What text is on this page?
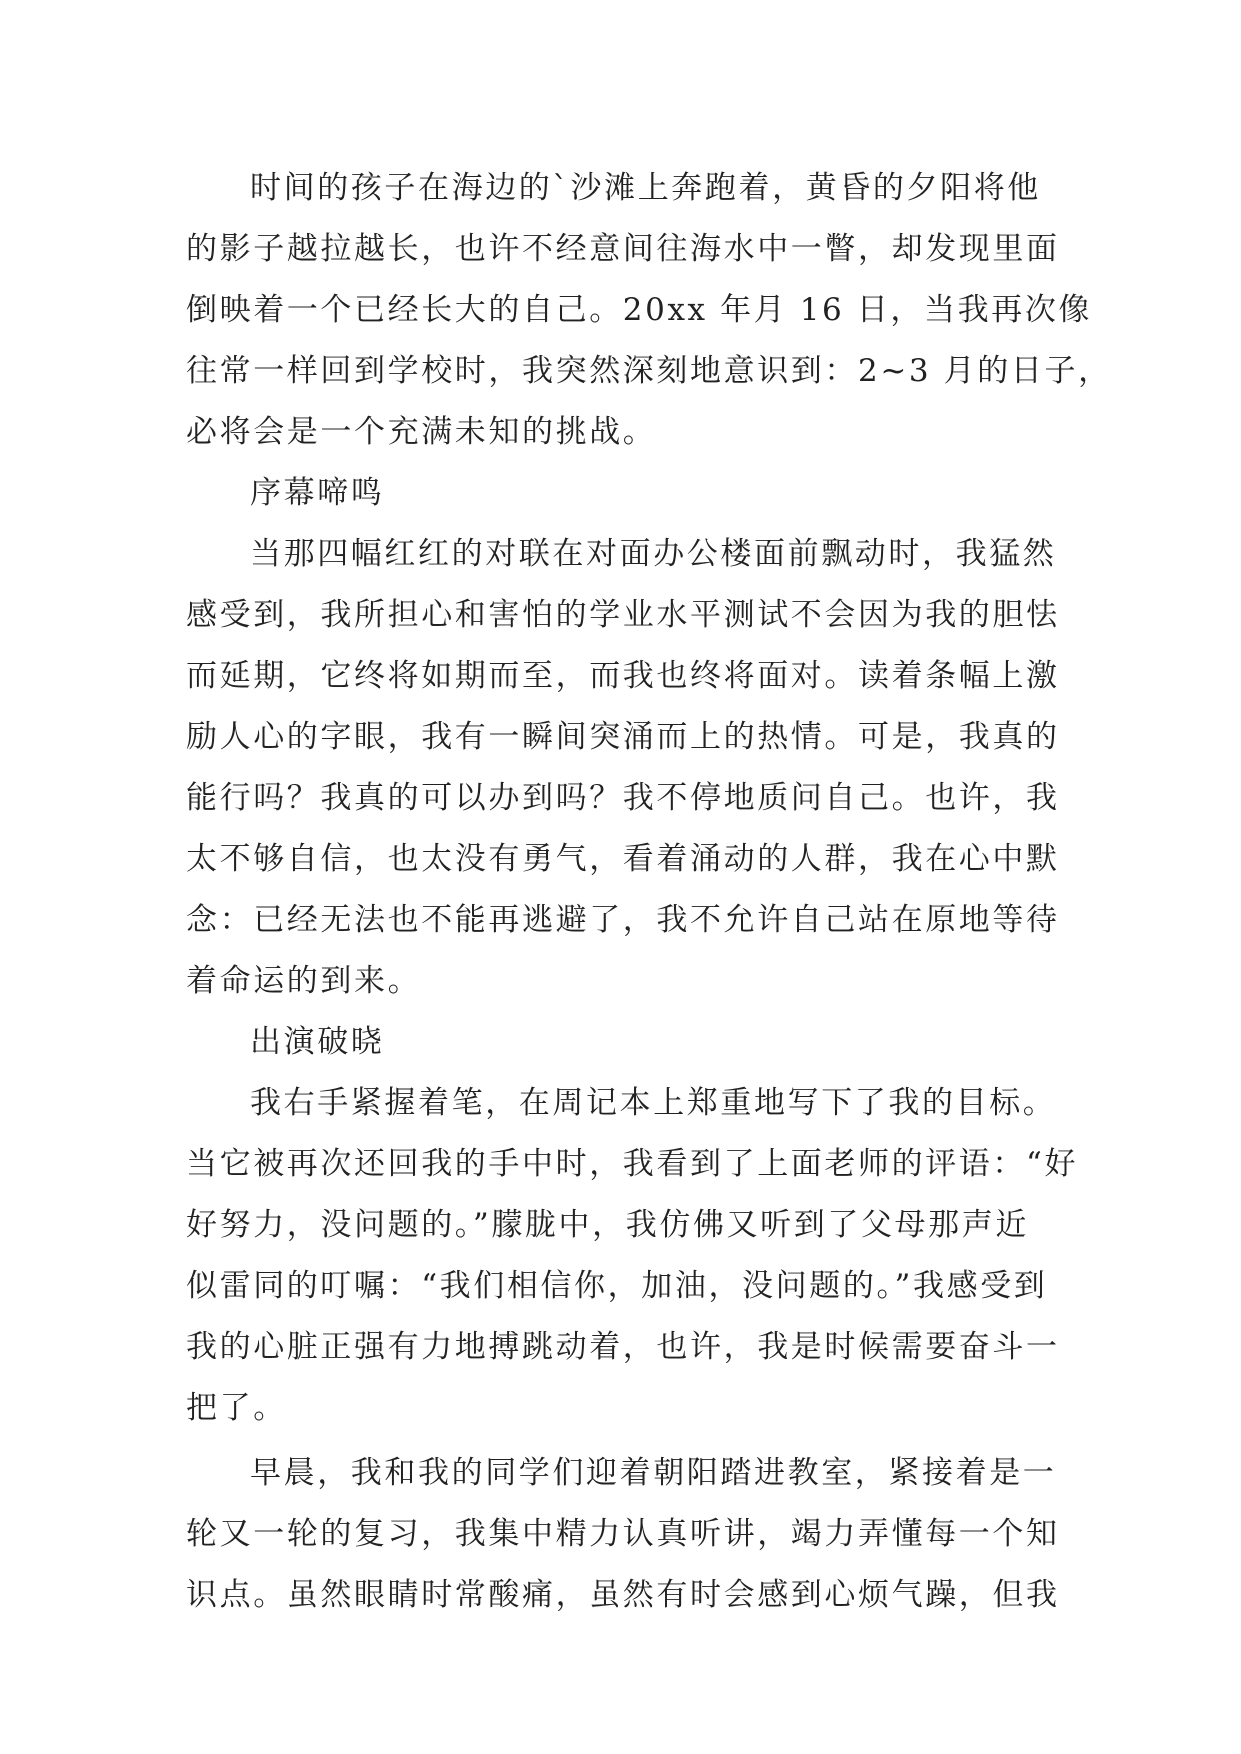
时间的孩子在海边的`沙滩上奔跑着，黄昏的夕阳将他
的影子越拉越长，也许不经意间往海水中一瞥，却发现里面
倒映着一个已经长大的自己。20xx 年月 16 日，当我再次像
往常一样回到学校时，我突然深刻地意识到：2~3 月的日子，
必将会是一个充满未知的挑战。
序幕啼鸣
当那四幅红红的对联在对面办公楼面前飘动时，我猛然
感受到，我所担心和害怕的学业水平测试不会因为我的胆怯
而延期，它终将如期而至，而我也终将面对。读着条幅上激
励人心的字眼，我有一瞬间突涌而上的热情。可是，我真的
能行吗？我真的可以办到吗？我不停地质问自己。也许，我
太不够自信，也太没有勇气，看着涌动的人群，我在心中默
念：已经无法也不能再逃避了，我不允许自己站在原地等待
着命运的到来。
出演破晓
我右手紧握着笔，在周记本上郑重地写下了我的目标。
当它被再次还回我的手中时，我看到了上面老师的评语：“好
好努力，没问题的。”朦胧中，我仿佛又听到了父母那声近
似雷同的叮嘱：“我们相信你，加油，没问题的。”我感受到
我的心脏正强有力地搏跳动着，也许，我是时候需要奋斗一
把了。
早晨，我和我的同学们迎着朝阳踏进教室，紧接着是一
轮又一轮的复习，我集中精力认真听讲，竭力弄懂每一个知
识点。虽然眼睛时常酸痛，虽然有时会感到心烦气躁，但我
